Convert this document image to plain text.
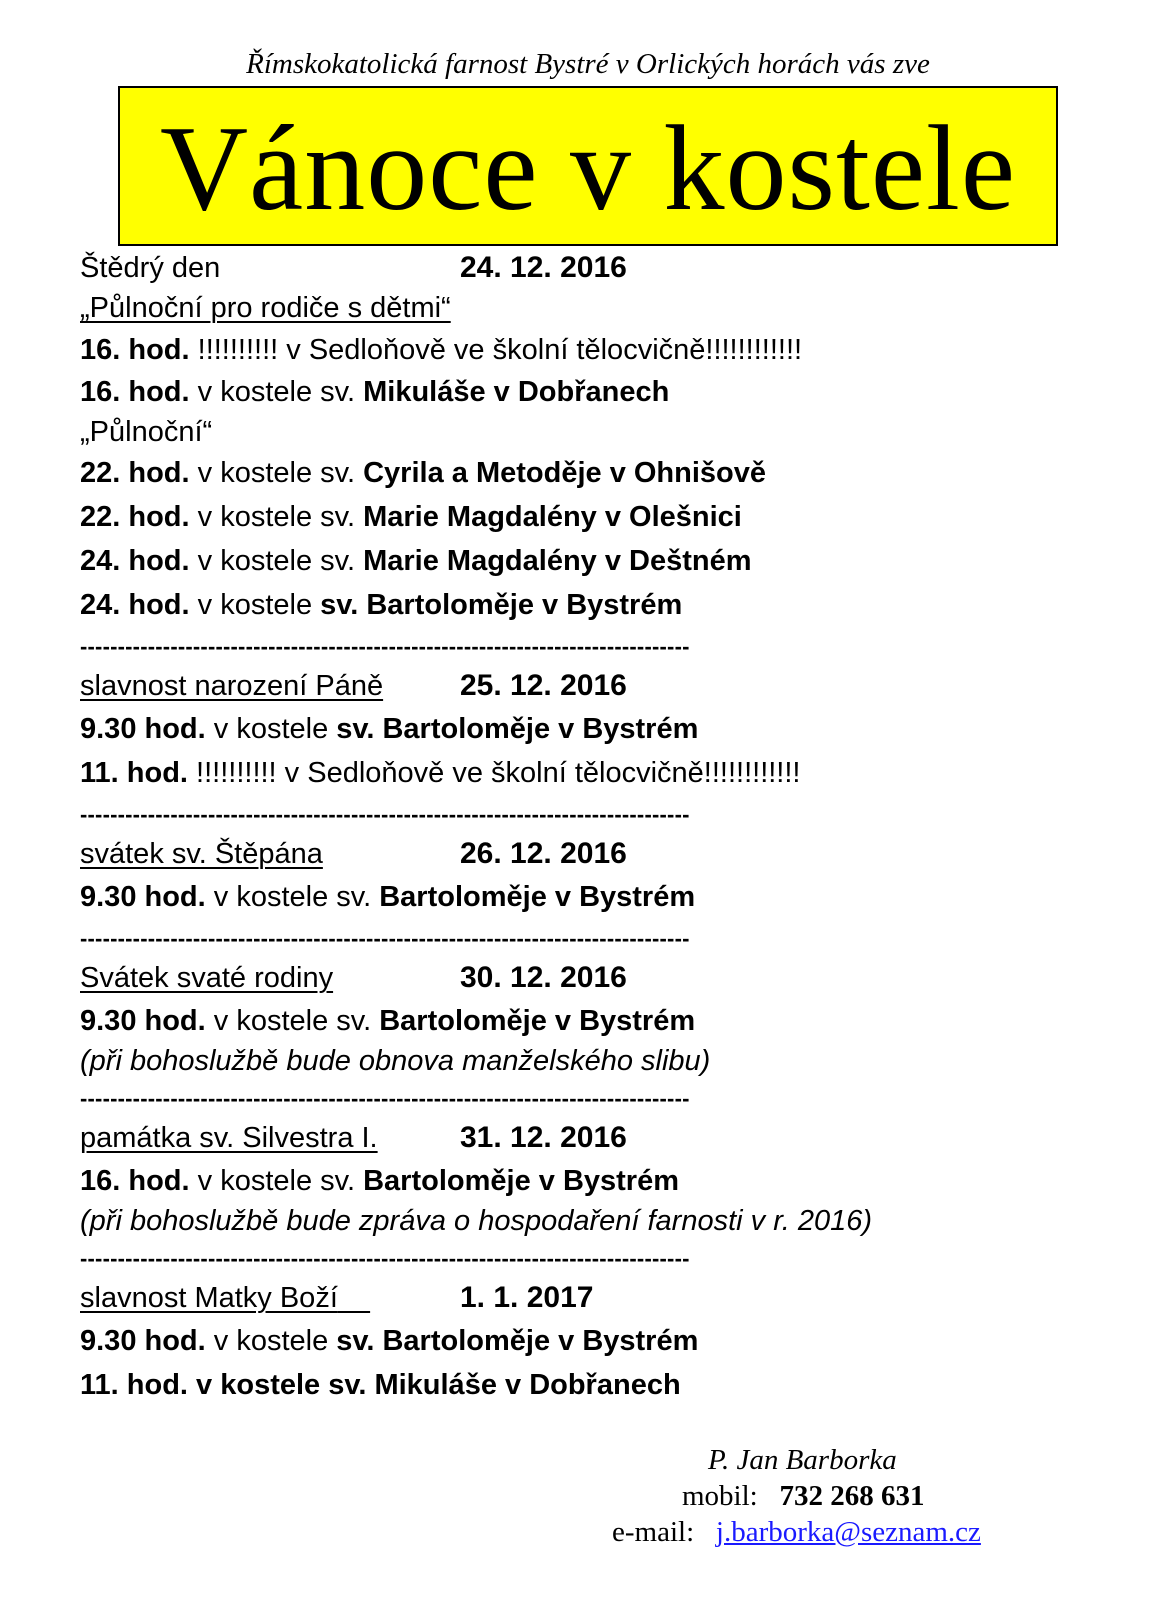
Římskokatolická farnost Bystré v Orlických horách vás zve
Vánoce v kostele
Štědrý den	24. 12. 2016
„Půlnoční pro rodiče s dětmi“
16. hod. !!!!!!!!!! v Sedloňově ve školní tělocvičně!!!!!!!!!!!!
16. hod. v kostele sv. Mikuláše v Dobřanech
„Půlnoční“
22. hod. v kostele sv. Cyrila a Metoděje v Ohnišově
22. hod. v kostele sv. Marie Magdalény v Olešnici
24. hod. v kostele sv. Marie Magdalény v Deštném
24. hod. v kostele sv. Bartoloměje v Bystrém
---------------------------------------------------------------------------------
slavnost narození Páně	25. 12. 2016
9.30 hod. v kostele sv. Bartoloměje v Bystrém
11. hod. !!!!!!!!!! v Sedloňově ve školní tělocvičně!!!!!!!!!!!!
---------------------------------------------------------------------------------
svátek sv. Štěpána	26. 12. 2016
9.30 hod. v kostele sv. Bartoloměje v Bystrém
---------------------------------------------------------------------------------
Svátek svaté rodiny	30. 12. 2016
9.30 hod. v kostele sv. Bartoloměje v Bystrém
(při bohoslužbě bude obnova manželského slibu)
---------------------------------------------------------------------------------
památka sv. Silvestra I.	31. 12. 2016
16. hod. v kostele sv. Bartoloměje v Bystrém
(při bohoslužbě bude zpráva o hospodaření farnosti v r. 2016)
---------------------------------------------------------------------------------
slavnost Matky Boží	1. 1. 2017
9.30 hod. v kostele sv. Bartoloměje v Bystrém
11. hod. v kostele sv. Mikuláše v Dobřanech
P. Jan Barborka
mobil: 732 268 631
e-mail: j.barborka@seznam.cz
